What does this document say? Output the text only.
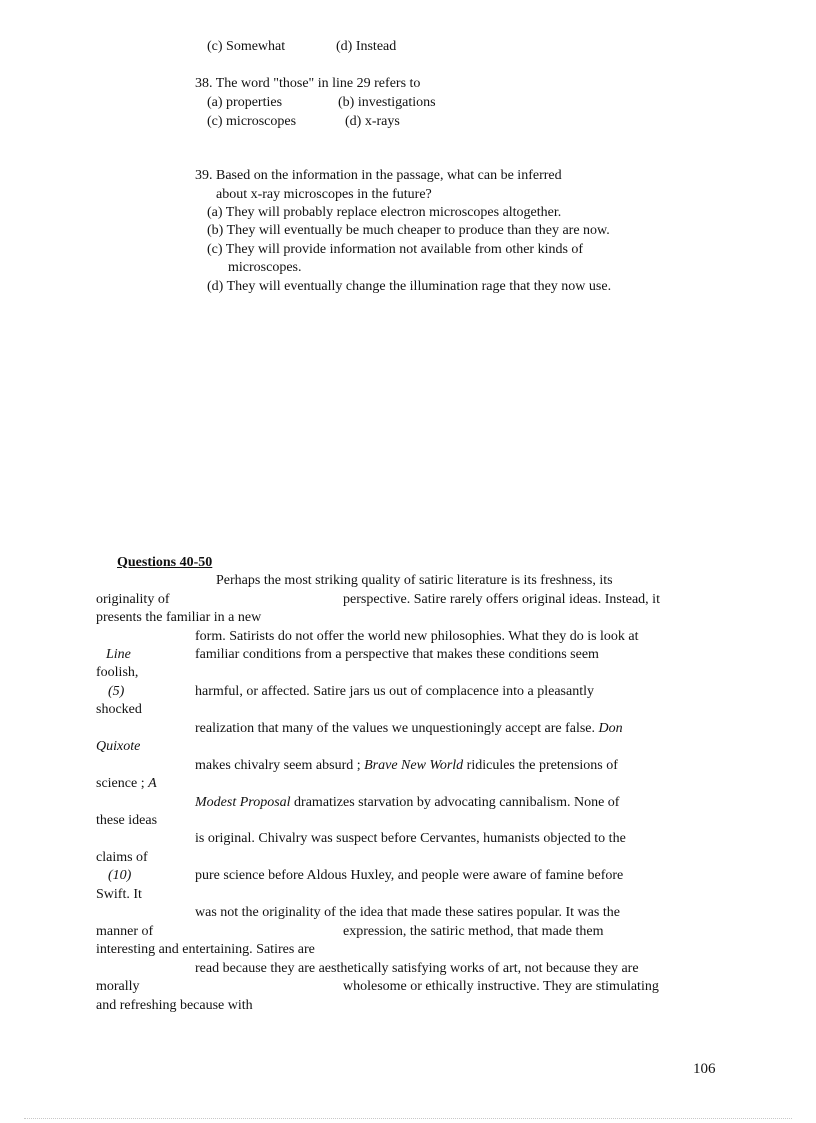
(c) Somewhat	(d) Instead
38. The word "those" in line 29 refers to
(a) properties	(b) investigations
(c) microscopes	(d) x-rays
39. Based on the information in the passage, what can be inferred
about x-ray microscopes in the future?
(a) They will probably replace electron microscopes altogether.
(b) They will eventually be much cheaper to produce than they are now.
(c) They will provide information not available from other kinds of
microscopes.
(d) They will eventually change the illumination rage that they now use.
Questions 40-50
Perhaps the most striking quality of satiric literature is its freshness, its
originality of	perspective. Satire rarely offers original ideas. Instead, it
presents the familiar in a new
form. Satirists do not offer the world new philosophies. What they do is look at
Line	familiar conditions from a perspective that makes these conditions seem
foolish,
(5)	harmful, or affected. Satire jars us out of complacence into a pleasantly
shocked
realization that many of the values we unquestioningly accept are false. Don
Quixote
makes chivalry seem absurd ; Brave New World ridicules the pretensions of
science ; A
Modest Proposal dramatizes starvation by advocating cannibalism. None of
these ideas
is original. Chivalry was suspect before Cervantes, humanists objected to the
claims of
(10)	pure science before Aldous Huxley, and people were aware of famine before
Swift. It
was not the originality of the idea that made these satires popular. It was the
manner of	expression, the satiric method, that made them
interesting and entertaining. Satires are
read because they are aesthetically satisfying works of art, not because they are
morally	wholesome or ethically instructive. They are stimulating
and refreshing because with
106
